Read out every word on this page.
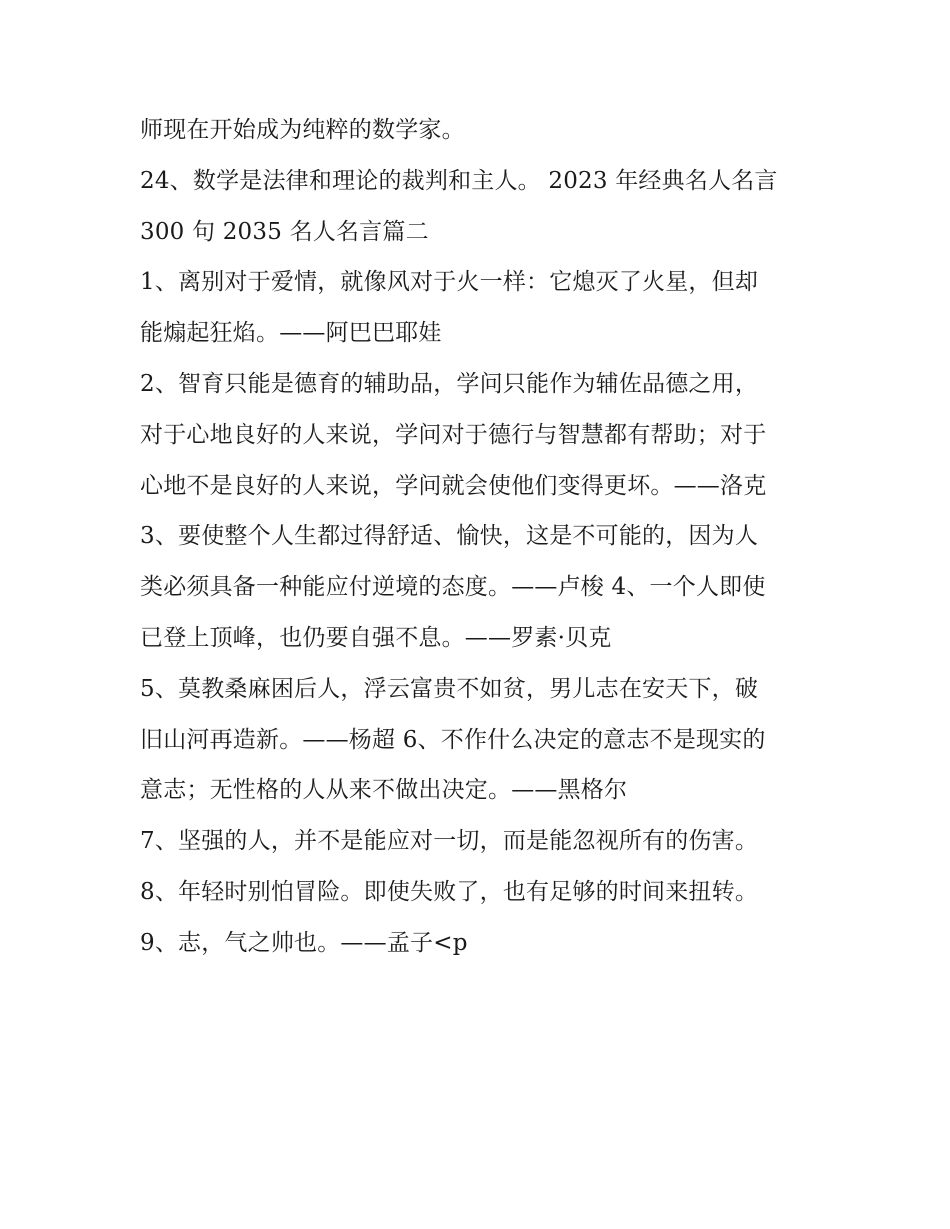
师现在开始成为纯粹的数学家。
24、数学是法律和理论的裁判和主人。 2023 年经典名人名言
300 句 2035 名人名言篇二
1、离别对于爱情，就像风对于火一样：它熄灭了火星，但却
能煽起狂焰。——阿巴巴耶娃
2、智育只能是德育的辅助品，学问只能作为辅佐品德之用，
对于心地良好的人来说，学问对于德行与智慧都有帮助；对于
心地不是良好的人来说，学问就会使他们变得更坏。——洛克
3、要使整个人生都过得舒适、愉快，这是不可能的，因为人
类必须具备一种能应付逆境的态度。——卢梭 4、一个人即使
已登上顶峰，也仍要自强不息。——罗素·贝克
5、莫教桑麻困后人，浮云富贵不如贫，男儿志在安天下，破
旧山河再造新。——杨超 6、不作什么决定的意志不是现实的
意志；无性格的人从来不做出决定。——黑格尔
7、坚强的人，并不是能应对一切，而是能忽视所有的伤害。
8、年轻时别怕冒险。即使失败了，也有足够的时间来扭转。
9、志，气之帅也。——孟子<p
